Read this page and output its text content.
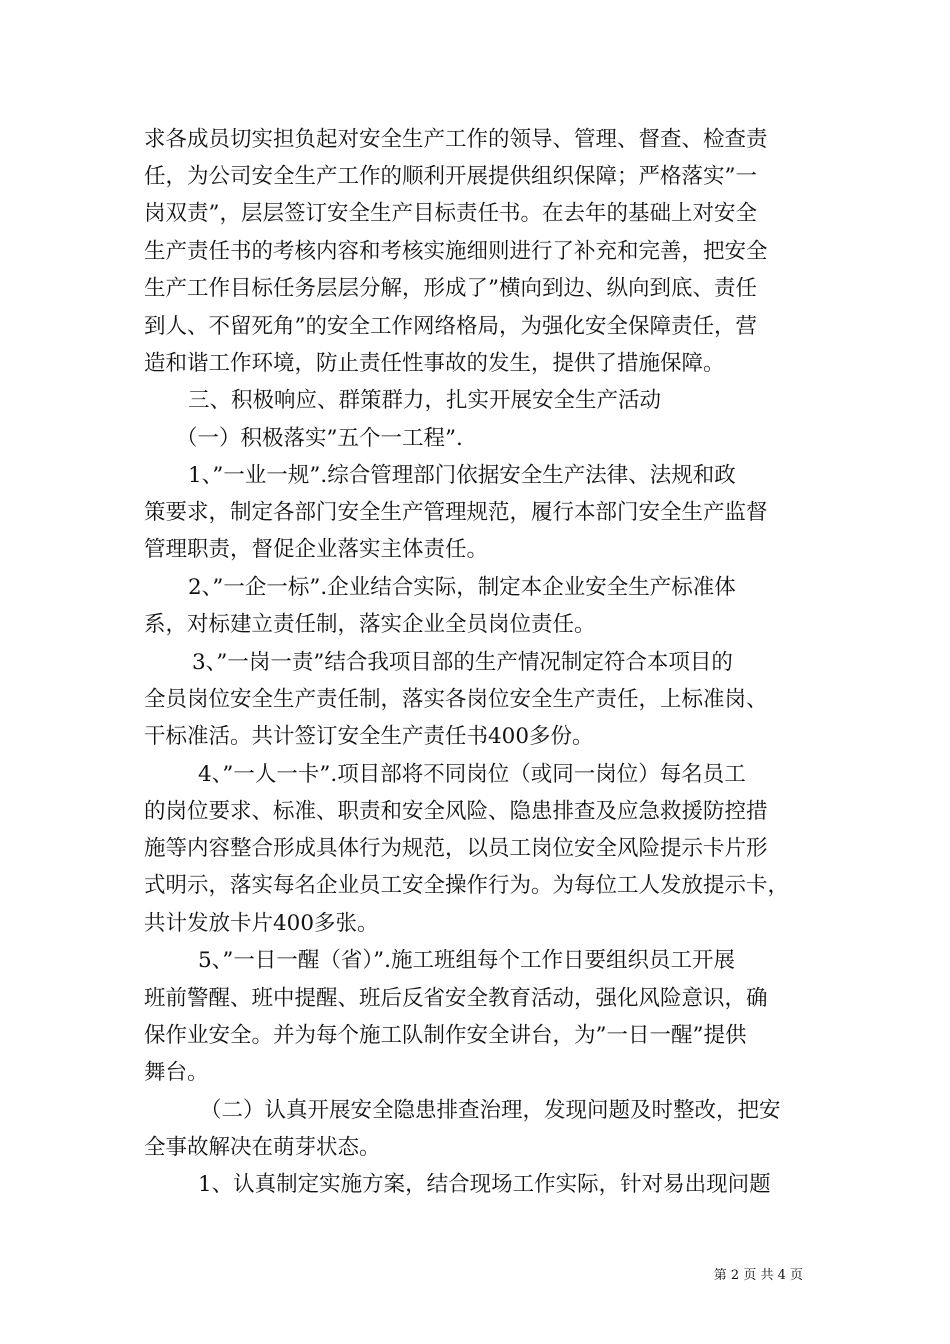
求各成员切实担负起对安全生产工作的领导、管理、督查、检查责
任，为公司安全生产工作的顺利开展提供组织保障；严格落实”一
岗双责”，层层签订安全生产目标责任书。在去年的基础上对安全
生产责任书的考核内容和考核实施细则进行了补充和完善，把安全
生产工作目标任务层层分解，形成了”横向到边、纵向到底、责任
到人、不留死角”的安全工作网络格局，为强化安全保障责任，营
造和谐工作环境，防止责任性事故的发生，提供了措施保障。
三、积极响应、群策群力，扎实开展安全生产活动
（一）积极落实”五个一工程”.
1、”一业一规”.综合管理部门依据安全生产法律、法规和政
策要求，制定各部门安全生产管理规范，履行本部门安全生产监督
管理职责，督促企业落实主体责任。
2、”一企一标”.企业结合实际，制定本企业安全生产标准体
系，对标建立责任制，落实企业全员岗位责任。
3、”一岗一责”结合我项目部的生产情况制定符合本项目的
全员岗位安全生产责任制，落实各岗位安全生产责任，上标准岗、
干标准活。共计签订安全生产责任书400多份。
4、”一人一卡”.项目部将不同岗位（或同一岗位）每名员工
的岗位要求、标准、职责和安全风险、隐患排查及应急救援防控措
施等内容整合形成具体行为规范，以员工岗位安全风险提示卡片形
式明示，落实每名企业员工安全操作行为。为每位工人发放提示卡，
共计发放卡片400多张。
5、”一日一醒（省）”.施工班组每个工作日要组织员工开展
班前警醒、班中提醒、班后反省安全教育活动，强化风险意识，确
保作业安全。并为每个施工队制作安全讲台，为”一日一醒”提供
舞台。
（二）认真开展安全隐患排查治理，发现问题及时整改，把安
全事故解决在萌芽状态。
1、认真制定实施方案，结合现场工作实际，针对易出现问题
第 2 页 共 4 页
